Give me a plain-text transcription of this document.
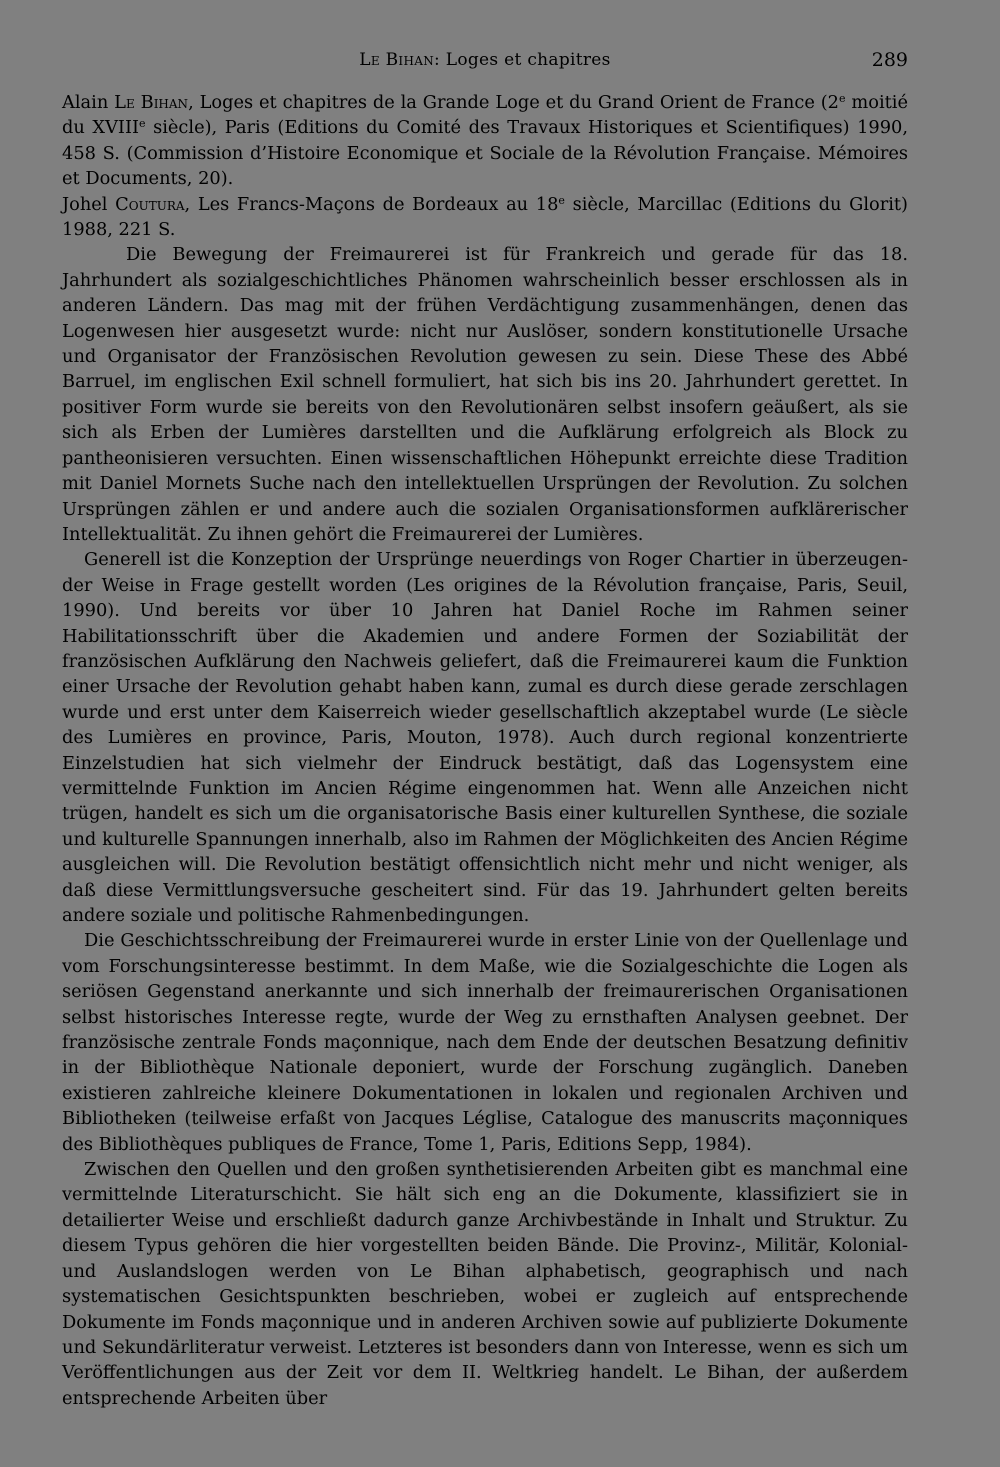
Le Bihan: Loges et chapitres	289

Alain Le Bihan, Loges et chapitres de la Grande Loge et du Grand Orient de France (2e moitié du XVIIIe siècle), Paris (Editions du Comité des Travaux Historiques et Scientifiques) 1990, 458 S. (Commission d’Histoire Economique et Sociale de la Révolution Française. Mémoires et Documents, 20).

Johel Coutura, Les Francs-Maçons de Bordeaux au 18e siècle, Marcillac (Editions du Glorit) 1988, 221 S.

Die Bewegung der Freimaurerei ist für Frankreich und gerade für das 18. Jahrhundert als sozialgeschichtliches Phänomen wahrscheinlich besser erschlossen als in anderen Ländern. Das mag mit der frühen Verdächtigung zusammenhängen, denen das Logenwesen hier ausgesetzt wurde: nicht nur Auslöser, sondern konstitutionelle Ursache und Organisator der Französischen Revolution gewesen zu sein. Diese These des Abbé Barruel, im englischen Exil schnell formuliert, hat sich bis ins 20. Jahrhundert gerettet. In positiver Form wurde sie bereits von den Revolutionären selbst insofern geäußert, als sie sich als Erben der Lumières darstellten und die Aufklärung erfolgreich als Block zu pantheonisieren versuchten. Einen wissenschaftlichen Höhepunkt erreichte diese Tradition mit Daniel Mornets Suche nach den intellektuellen Ursprüngen der Revolution. Zu solchen Ursprüngen zählen er und andere auch die sozialen Organisationsformen aufklärerischer Intellektualität. Zu ihnen gehört die Freimaurerei der Lumières.

Generell ist die Konzeption der Ursprünge neuerdings von Roger Chartier in überzeugender Weise in Frage gestellt worden (Les origines de la Révolution française, Paris, Seuil, 1990). Und bereits vor über 10 Jahren hat Daniel Roche im Rahmen seiner Habilitationsschrift über die Akademien und andere Formen der Soziabilität der französischen Aufklärung den Nachweis geliefert, daß die Freimaurerei kaum die Funktion einer Ursache der Revolution gehabt haben kann, zumal es durch diese gerade zerschlagen wurde und erst unter dem Kaiserreich wieder gesellschaftlich akzeptabel wurde (Le siècle des Lumières en province, Paris, Mouton, 1978). Auch durch regional konzentrierte Einzelstudien hat sich vielmehr der Eindruck bestätigt, daß das Logensystem eine vermittelnde Funktion im Ancien Régime eingenommen hat. Wenn alle Anzeichen nicht trügen, handelt es sich um die organisatorische Basis einer kulturellen Synthese, die soziale und kulturelle Spannungen innerhalb, also im Rahmen der Möglichkeiten des Ancien Régime ausgleichen will. Die Revolution bestätigt offensichtlich nicht mehr und nicht weniger, als daß diese Vermittlungsversuche gescheitert sind. Für das 19. Jahrhundert gelten bereits andere soziale und politische Rahmenbedingungen.

Die Geschichtsschreibung der Freimaurerei wurde in erster Linie von der Quellenlage und vom Forschungsinteresse bestimmt. In dem Maße, wie die Sozialgeschichte die Logen als seriösen Gegenstand anerkannte und sich innerhalb der freimaurerischen Organisationen selbst historisches Interesse regte, wurde der Weg zu ernsthaften Analysen geebnet. Der französische zentrale Fonds maçonnique, nach dem Ende der deutschen Besatzung definitiv in der Bibliothèque Nationale deponiert, wurde der Forschung zugänglich. Daneben existieren zahlreiche kleinere Dokumentationen in lokalen und regionalen Archiven und Bibliotheken (teilweise erfaßt von Jacques Léglise, Catalogue des manuscrits maçonniques des Bibliothèques publiques de France, Tome 1, Paris, Editions Sepp, 1984).

Zwischen den Quellen und den großen synthetisierenden Arbeiten gibt es manchmal eine vermittelnde Literaturschicht. Sie hält sich eng an die Dokumente, klassifiziert sie in detailierter Weise und erschließt dadurch ganze Archivbestände in Inhalt und Struktur. Zu diesem Typus gehören die hier vorgestellten beiden Bände. Die Provinz-, Militär, Kolonial- und Auslandslogen werden von Le Bihan alphabetisch, geographisch und nach systematischen Gesichtspunkten beschrieben, wobei er zugleich auf entsprechende Dokumente im Fonds maçonnique und in anderen Archiven sowie auf publizierte Dokumente und Sekundärliteratur verweist. Letzteres ist besonders dann von Interesse, wenn es sich um Veröffentlichungen aus der Zeit vor dem II. Weltkrieg handelt. Le Bihan, der außerdem entsprechende Arbeiten über
